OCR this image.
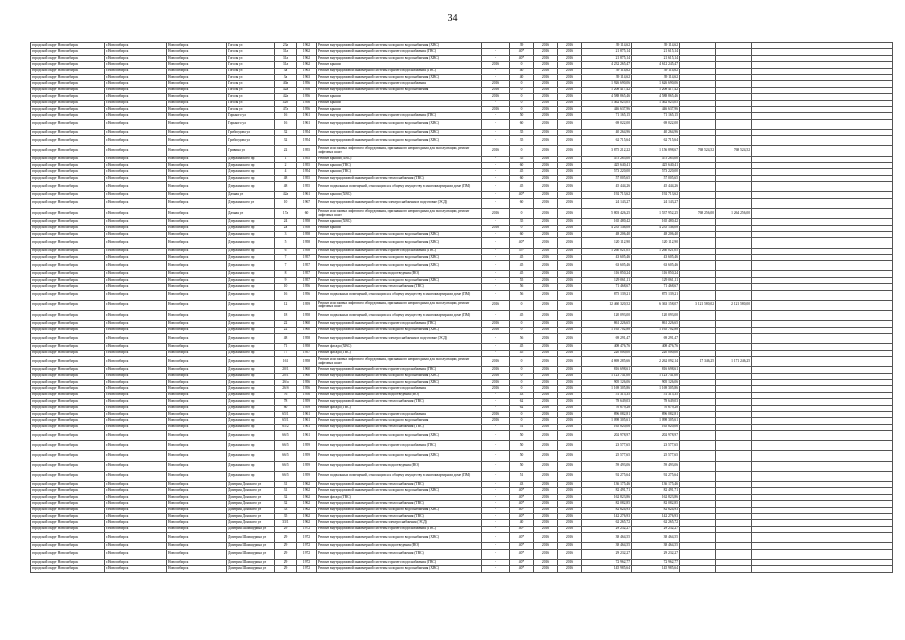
34
городской округ Новосибирск	г.Новосибирск	Новосибирск	Гоголя ул	23а	1962	Ремонт внутридомовой инженерной системы холодного водоснабжения (ХВС)		39	2016	2016	39 114,62	39 114,62			
городской округ Новосибирск	г.Новосибирск	Новосибирск	Гоголя ул	31а	1962	Ремонт внутридомовой инженерной системы горячего водоснабжения (ГВС)	-	40*	2016	2016	21 875,14	21 615,14			
городской округ Новосибирск	г.Новосибирск	Новосибирск	Гоголя ул	31а	1962	Ремонт внутридомовой инженерной системы холодного водоснабжения (ХВС)	-	40*	2016	2016	21 875,14	21 615,14			
городской округ Новосибирск	г.Новосибирск	Новосибирск	Гоголя ул	31а	1962	Ремонт крыши	2016	0	2016	2016	4 232 265,47	4 612 245,47			
городской округ Новосибирск	г.Новосибирск	Новосибирск	Гоголя ул	3а	1963	Ремонт внутридомовой инженерной системы горячего водоснабжения (ГВС)	-	40	2016	2016	39 114,62	39 114,62			
городской округ Новосибирск	г.Новосибирск	Новосибирск	Гоголя ул	3а	1963	Ремонт внутридомовой инженерной системы холодного водоснабжения (ХВС)	-	40	2016	2016	39 114,62	39 114,62			
городской округ Новосибирск	г.Новосибирск	Новосибирск	Гоголя ул	40а	1956	Ремонт внутридомовой инженерной системы горячего водоснабжения	2016	0	2016	2016	1 926 690,06	1 626 690,06			
городской округ Новосибирск	г.Новосибирск	Новосибирск	Гоголя ул	42а	1956	Ремонт внутридомовой инженерной системы холодного водоснабжения	2016	0	2016	2016	1 208 417,42	1 208 417,42			
городской округ Новосибирск	г.Новосибирск	Новосибирск	Гоголя ул	42а	1956	Ремонт крыши	2016	0	2016	2016	4 588 865,46	4 588 865,46			
городской округ Новосибирск	г.Новосибирск	Новосибирск	Гоголя ул	42б	1956	Ремонт крыши	-	0	2016	2016	1 462 825,05	1 462 825,05			
городской округ Новосибирск	г.Новосибирск	Новосибирск	Гоголя ул	47а	1956	Ремонт крыши	2016	0	2016	2016	446 637,96	446 637,96			
городской округ Новосибирск	г.Новосибирск	Новосибирск	Горького ул	16	1961	Ремонт внутридомовой инженерной системы горячего водоснабжения (ГВС)	-	50	2016	2016	71 165,15	71 165,15			
городской округ Новосибирск	г.Новосибирск	Новосибирск	Горького ул	16	1961	Ремонт внутридомовой инженерной системы холодного водоснабжения (ХВС)	-	60	2016	2016	69 022,00	69 022,00			
городской округ Новосибирск	г.Новосибирск	Новосибирск	Грибоедова ул	32	1954	Ремонт внутридомовой инженерной системы холодного водоснабжения (ХВС)	-	35	2016	2016	40 264,96	40 264,96			
городской округ Новосибирск	г.Новосибирск	Новосибирск	Грибоедова ул	32	1954	Ремонт внутридомовой инженерной системы холодного водоснабжения (ХВС)	-	35	2016	2016	62 715,64	62 715,64			
городской округ Новосибирск	г.Новосибирск	Новосибирск	Гривина ул	22	1955	Ремонт или замена лифтового оборудования, признанного непригодным для эксплуатации, ремонт лифтовых шахт	2016	0	2016	2016	3 875 212,22	1 156 898,67	768 524,52	768 524,52	
городской округ Новосибирск	г.Новосибирск	Новосибирск	Дзержинского пр	1	1955	Ремонт крыши (ХВС)	-	35	2016	2016	475 265,00	475 265,00			
городской округ Новосибирск	г.Новосибирск	Новосибирск	Дзержинского пр	2	1955	Ремонт крыши (ГВС)	-	60	2016	2016	425 640,41	425 640,41			
городской округ Новосибирск	г.Новосибирск	Новосибирск	Дзержинского пр	4	1954	Ремонт крыши (ГВС)	-	45	2016	2016	573 220,00	573 220,00			
городской округ Новосибирск	г.Новосибирск	Новосибирск	Дзержинского пр	48	1955	Ремонт внутридомовой инженерной системы теплоснабжения (ТВС)	-	60	2016	2016	57 005,65	57 005,65			
городской округ Новосибирск	г.Новосибирск	Новосибирск	Дзержинского пр	48	1955	Ремонт подвальных помещений, относящихся к общему имуществу в многоквартирном доме (ПМ)	-	45	2016	2016	45 444,26	45 444,26			
городской округ Новосибирск	г.Новосибирск	Новосибирск	Дачная ул	42а	1961	Ремонт крыши (ХВС)	-	40*	2016	2016	192 713,62	192 713,62			
городской округ Новосибирск	г.Новосибирск	Новосибирск	Дзержинского ул	10	1967	Ремонт внутридомовой инженерной системы электроснабжения в подготовке (ЭСД)	-	60	2016	2016	24 143,27	24 143,27			
городской округ Новосибирск	г.Новосибирск	Новосибирск	Дачная ул	17а	60	Ремонт или замена лифтового оборудования, признанного непригодным для эксплуатации, ремонт лифтовых шахт	2016	0	2016	2016	5 803 426,25	1 537 952,25	768 256,00	1 264 256,00	
городской округ Новосибирск	г.Новосибирск	Новосибирск	Дзержинского пр	24	1958	Ремонт крыши (ХВС)	-	35	2016	2016	165 480,42	165 480,42			
городской округ Новосибирск	г.Новосибирск	Новосибирск	Дзержинского пр	2а	1958	Ремонт крыши	2016	0	2016	2016	4 235 146,08	4 235 146,08			
городской округ Новосибирск	г.Новосибирск	Новосибирск	Дзержинского пр	3	1958	Ремонт внутридомовой инженерной системы холодного водоснабжения (ХВС)	-	60	2016	2016	48 206,40	48 206,40			
городской округ Новосибирск	г.Новосибирск	Новосибирск	Дзержинского пр	5	1958	Ремонт внутридомовой инженерной системы холодного водоснабжения (ХВС)	-	40*	2016	2016	120 112,90	120 112,90			
городской округ Новосибирск	г.Новосибирск	Новосибирск	Дзержинского пр	6	1958	Ремонт внутридомовой инженерной системы горячего водоснабжения (ГВС)	-	55*	2016	2016	1 260 021,05	1 260 021,05			
городской округ Новосибирск	г.Новосибирск	Новосибирск	Дзержинского пр	7	1957	Ремонт внутридомовой инженерной системы холодного водоснабжения (ХВС)	-	45	2016	2016	43 605,46	43 605,46			
городской округ Новосибирск	г.Новосибирск	Новосибирск	Дзержинского пр	7	1957	Ремонт внутридомовой инженерной системы холодного водоснабжения (ХВС)	-	45	2016	2016	63 605,46	63 605,46			
городской округ Новосибирск	г.Новосибирск	Новосибирск	Дзержинского пр	8	1957	Ремонт внутридомовой инженерной системы водоотведения (ВО)	-	45	2016	2016	116 850,24	116 850,24			
городской округ Новосибирск	г.Новосибирск	Новосибирск	Дзержинского пр	9	1957	Ремонт внутридомовой инженерной системы холодного водоснабжения (ХВС)	-	55	2016	2016	129 061,11	129 061,11			
городской округ Новосибирск	г.Новосибирск	Новосибирск	Дзержинского пр	10	1956	Ремонт внутридомовой инженерной системы теплоснабжения (ТВС)	-	56	2016	2016	71 468,67	71 468,67			
городской округ Новосибирск	г.Новосибирск	Новосибирск	Дзержинского пр	16	1956	Ремонт подвальных помещений, относящихся к общему имуществу в многоквартирном доме (ПМ)	-	56	2016	2016	875 139,21	875 139,21			
городской округ Новосибирск	г.Новосибирск	Новосибирск	Дзержинского пр	12	1959	Ремонт или замена лифтового оборудования, признанного непригодным для эксплуатации, ремонт лифтовых шахт	2016	0	2016	2016	12 460 320,52	6 363 158,07	3 121 580,02	2 121 580,00	
городской округ Новосибирск	г.Новосибирск	Новосибирск	Дзержинского пр	18	1958	Ремонт подвальных помещений, относящихся к общему имуществу в многоквартирном доме (ПМ)	-	45	2016	2016	120 093,00	120 093,00			
городской округ Новосибирск	г.Новосибирск	Новосибирск	Дзержинского пр	22	1960	Ремонт внутридомовой инженерной системы горячего водоснабжения (ГВС)	2016	0	2016	2016	861 226,65	861 226,65			
городской округ Новосибирск	г.Новосибирск	Новосибирск	Дзержинского пр	22	1960	Ремонт внутридомовой инженерной системы холодного водоснабжения (ХВС)	2016	0	2016	2016	1 165 702,88	1 165 702,88			
городской округ Новосибирск	г.Новосибирск	Новосибирск	Дзержинского пр	48	1958	Ремонт внутридомовой инженерной системы электроснабжения в подготовке (ЭСД)	-	56	2016	2016	69 291,47	69 291,47			
городской округ Новосибирск	г.Новосибирск	Новосибирск	Дзержинского пр	71	1958	Ремонт фасада (ХВС)	-	45	2016	2016	408 476,76	408 476,76			
городской округ Новосибирск	г.Новосибирск	Новосибирск	Дзержинского пр	77	1957	Ремонт фасада (ГВС)	-	45	2016	2016	220 000,00	220 000,00			
городской округ Новосибирск	г.Новосибирск	Новосибирск	Дзержинского пр	161	1958	Ремонт или замена лифтового оборудования, признанного непригодным для эксплуатации, ремонт лифтовых шахт	2016	0	2016	2016	4 869 285,66	2 262 092,14	17 346,25	1 171 246,25	
городской округ Новосибирск	г.Новосибирск	Новосибирск	Дзержинского пр	20/1	1960	Ремонт внутридомовой инженерной системы горячего водоснабжения (ГВС)	2016	0	2016	2016	816 698,61	816 698,61			
городской округ Новосибирск	г.Новосибирск	Новосибирск	Дзержинского пр	20/1	1960	Ремонт внутридомовой инженерной системы холодного водоснабжения (ХВС)	2016	0	2016	2016	1 123 741,00	1 123 741,00			
городской округ Новосибирск	г.Новосибирск	Новосибирск	Дзержинского пр	26/а	1956	Ремонт внутридомовой инженерной системы холодного водоснабжения (ХВС)	2016	0	2016	2016	905 126,06	905 126,06			
городской округ Новосибирск	г.Новосибирск	Новосибирск	Дзержинского пр	26/б	1956	Ремонт внутридомовой инженерной системы горячего водоснабжения	2016	0	2016	2016	1 169 305,86	1 169 305,86			
городской округ Новосибирск	г.Новосибирск	Новосибирск	Дзержинского пр	76	1956	Ремонт внутридомовой инженерной системы водоотведения (ВО)	-	43	2016	2016	51 315,35	51 315,35			
городской округ Новосибирск	г.Новосибирск	Новосибирск	Дзержинского пр	78	1959	Ремонт внутридомовой инженерной системы теплоснабжения (ТВС)	-	62	2016	2016	78 649,03	78 649,03			
городской округ Новосибирск	г.Новосибирск	Новосибирск	Дзержинского пр	80	1959	Ремонт фасада (ГВС)	-	62	2016	2016	70 679,28	70 679,28			
городской округ Новосибирск	г.Новосибирск	Новосибирск	Дзержинского пр	65/1	1961	Ремонт внутридомовой инженерной системы горячего водоснабжения	2016	0	2016	2016	896 082,81	896 082,81			
городской округ Новосибирск	г.Новосибирск	Новосибирск	Дзержинского пр	65/1	1961	Ремонт внутридомовой инженерной системы холодного водоснабжения	2016	0	2016	2016	1 098 305,61	1 098 305,61			
городской округ Новосибирск	г.Новосибирск	Новосибирск	Дзержинского пр	65/2	1961	Ремонт внутридомовой инженерной системы теплоснабжения (ТВС)	-	51	2016	2016	165 820,06	165 820,06			
городской округ Новосибирск	г.Новосибирск	Новосибирск	Дзержинского пр	66/5	1961	Ремонт внутридомовой инженерной системы холодного водоснабжения (ХВС)	-	50	2016	2016	202 978,97	202 978,97			
городской округ Новосибирск	г.Новосибирск	Новосибирск	Дзержинского пр	66/5	1959	Ремонт внутридомовой инженерной системы горячего водоснабжения (ГВС)	-	50	2016	2016	23 577,65	23 577,65			
городской округ Новосибирск	г.Новосибирск	Новосибирск	Дзержинского пр	66/5	1959	Ремонт внутридомовой инженерной системы холодного водоснабжения (ХВС)	-	50	2016	2016	25 577,65	25 577,65			
городской округ Новосибирск	г.Новосибирск	Новосибирск	Дзержинского пр	66/5	1959	Ремонт внутридомовой инженерной системы водоотведения (ВО)	-	50	2016	2016	59 493,06	59 493,06			
городской округ Новосибирск	г.Новосибирск	Новосибирск	Дзержинского пр	66/5	1959	Ремонт подвальных помещений, относящихся к общему имуществу в многоквартирном доме (ПМ)	-	51	2016	2016	92 275,64	92 275,64			
городской округ Новосибирск	г.Новосибирск	Новосибирск	Дмитрия Донского ул	31	1962	Ремонт внутридомовой инженерной системы теплоснабжения (ТВС)	-	43	2016	2016	136 175,46	136 175,46			
городской округ Новосибирск	г.Новосибирск	Новосибирск	Дмитрия Донского ул	31	1962	Ремонт внутридомовой инженерной системы холодного водоснабжения (ХВС)	-	40*	2016	2016	82 491,71	82 491,71			
городской округ Новосибирск	г.Новосибирск	Новосибирск	Дмитрия Донского ул	32	1962	Ремонт фасада (ГВС)	-	40*	2016	2016	162 823,86	162 823,86			
городской округ Новосибирск	г.Новосибирск	Новосибирск	Дмитрия Донского ул	32	1962	Ремонт внутридомовой инженерной системы теплоснабжения (ТВС)	-	40*	2016	2016	82 082,85	82 082,85			
городской округ Новосибирск	г.Новосибирск	Новосибирск	Дмитрия Донского ул	33	1962	Ремонт внутридомовой инженерной системы холодного водоснабжения (ХВС)	-	40*	2016	2016	82 624,93	82 624,93			
городской округ Новосибирск	г.Новосибирск	Новосибирск	Дмитрия Донского ул	35	1962	Ремонт внутридомовой инженерной системы теплоснабжения (ТВС)	-	40*	2016	2016	142 276,93	142 276,93			
городской округ Новосибирск	г.Новосибирск	Новосибирск	Дмитрия Донского ул	33/1	1962	Ремонт внутридомовой инженерной системы электроснабжения (ЭСД)	-	40	2016	2016	62 265,72	62 265,72			
городской округ Новосибирск	г.Новосибирск	Новосибирск	Дмитрия Шамшурина ул	29	1972	Ремонт внутридомовой инженерной системы горячего водоснабжения (ГВС)	-	40*	2016	2016	29 232,27	29 232,27			
городской округ Новосибирск	г.Новосибирск	Новосибирск	Дмитрия Шамшурина ул	29	1972	Ремонт внутридомовой инженерной системы холодного водоснабжения (ХВС)	-	40*	2016	2016	38 464,55	38 464,55			
городской округ Новосибирск	г.Новосибирск	Новосибирск	Дмитрия Шамшурина ул	29	1972	Ремонт внутридомовой инженерной системы водоотведения (ВО)	-	40*	2016	2016	38 464,55	38 464,55			
городской округ Новосибирск	г.Новосибирск	Новосибирск	Дмитрия Шамшурина ул	29	1972	Ремонт внутридомовой инженерной системы теплоснабжения (ТВС)	-	40*	2016	2016	29 232,27	29 232,27			
городской округ Новосибирск	г.Новосибирск	Новосибирск	Дмитрия Шамшурина ул	29	1972	Ремонт внутридомовой инженерной системы горячего водоснабжения (ГВС)	-	40*	2016	2016	72 962,77	72 962,77			
городской округ Новосибирск	г.Новосибирск	Новосибирск	Дмитрия Шамшурина ул	29	1972	Ремонт внутридомовой инженерной системы холодного водоснабжения (ХВС)	-	40*	2016	2016	145 985,64	145 985,64			
